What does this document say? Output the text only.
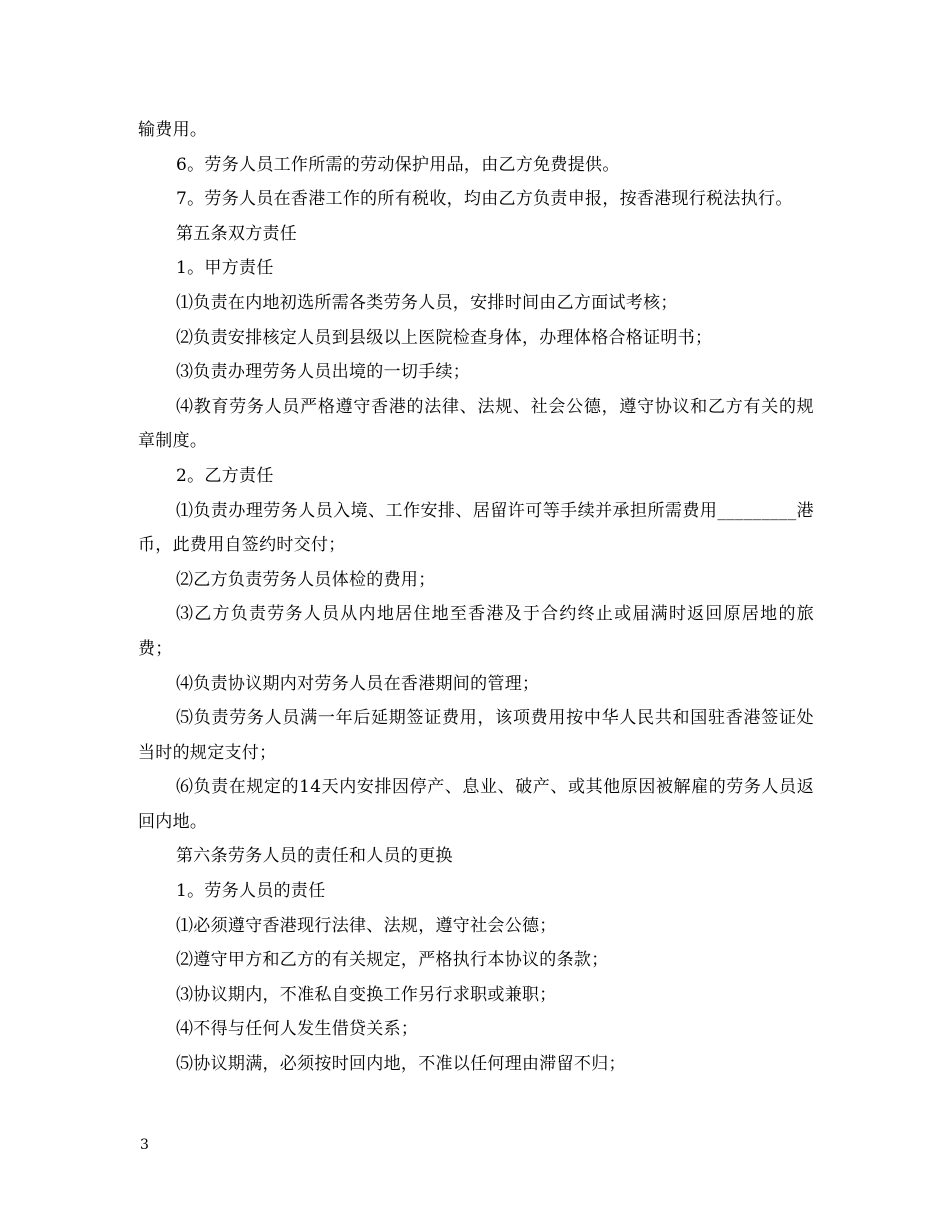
输费用。

6。劳务人员工作所需的劳动保护用品，由乙方免费提供。

7。劳务人员在香港工作的所有税收，均由乙方负责申报，按香港现行税法执行。

第五条双方责任

1。甲方责任

⑴负责在内地初选所需各类劳务人员，安排时间由乙方面试考核；

⑵负责安排核定人员到县级以上医院检查身体，办理体格合格证明书；

⑶负责办理劳务人员出境的一切手续；

⑷教育劳务人员严格遵守香港的法律、法规、社会公德，遵守协议和乙方有关的规章制度。

2。乙方责任

⑴负责办理劳务人员入境、工作安排、居留许可等手续并承担所需费用_________港币，此费用自签约时交付；

⑵乙方负责劳务人员体检的费用；

⑶乙方负责劳务人员从内地居住地至香港及于合约终止或届满时返回原居地的旅费；

⑷负责协议期内对劳务人员在香港期间的管理；

⑸负责劳务人员满一年后延期签证费用，该项费用按中华人民共和国驻香港签证处当时的规定支付；

⑹负责在规定的14天内安排因停产、息业、破产、或其他原因被解雇的劳务人员返回内地。

第六条劳务人员的责任和人员的更换

1。劳务人员的责任

⑴必须遵守香港现行法律、法规，遵守社会公德；

⑵遵守甲方和乙方的有关规定，严格执行本协议的条款；

⑶协议期内，不准私自变换工作另行求职或兼职；

⑷不得与任何人发生借贷关系；

⑸协议期满，必须按时回内地，不准以任何理由滞留不归；

3
